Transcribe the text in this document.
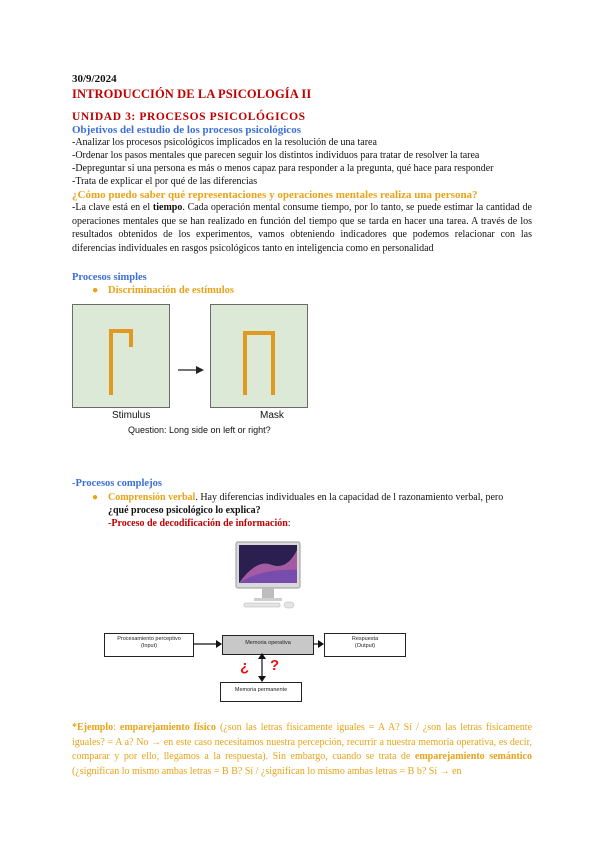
30/9/2024
INTRODUCCIÓN DE LA PSICOLOGÍA II
UNIDAD 3: PROCESOS PSICOLÓGICOS
Objetivos del estudio de los procesos psicológicos
-Analizar los procesos psicológicos implicados en la resolución de una tarea
-Ordenar los pasos mentales que parecen seguir los distintos individuos para tratar de resolver la tarea
-Depreguntar si una persona es más o menos capaz para responder a la pregunta, qué hace para responder
-Trata de explicar el por qué de las diferencias
¿Cómo puedo saber qué representaciones y operaciones mentales realiza una persona?
-La clave está en el tiempo. Cada operación mental consume tiempo, por lo tanto, se puede estimar la cantidad de operaciones mentales que se han realizado en función del tiempo que se tarda en hacer una tarea. A través de los resultados obtenidos de los experimentos, vamos obteniendo indicadores que podemos relacionar con las diferencias individuales en rasgos psicológicos tanto en inteligencia como en personalidad
Procesos simples
● Discriminación de estímulos
Stimulus	Mask
Question: Long side on left or right?
-Procesos complejos
● Comprensión verbal. Hay diferencias individuales en la capacidad de l razonamiento verbal, pero
¿qué proceso psicológico lo explica?
-Proceso de decodificación de información:
Procesamiento perceptivo
(Input)	Memoria operativa
Respuesta
(Output)
Memoria permanente
¿ ?
*Ejemplo: emparejamiento físico (¿son las letras físicamente iguales = A A? Sí / ¿son las letras físicamente iguales? = A a? No → en este caso necesitamos nuestra percepción, recurrir a nuestra memoria operativa, es decir, comparar y por ello, llegamos a la respuesta). Sin embargo, cuando se trata de emparejamiento semántico (¿significan lo mismo ambas letras = B B? Sí / ¿significan lo mismo ambas letras = B b? Sí → en
